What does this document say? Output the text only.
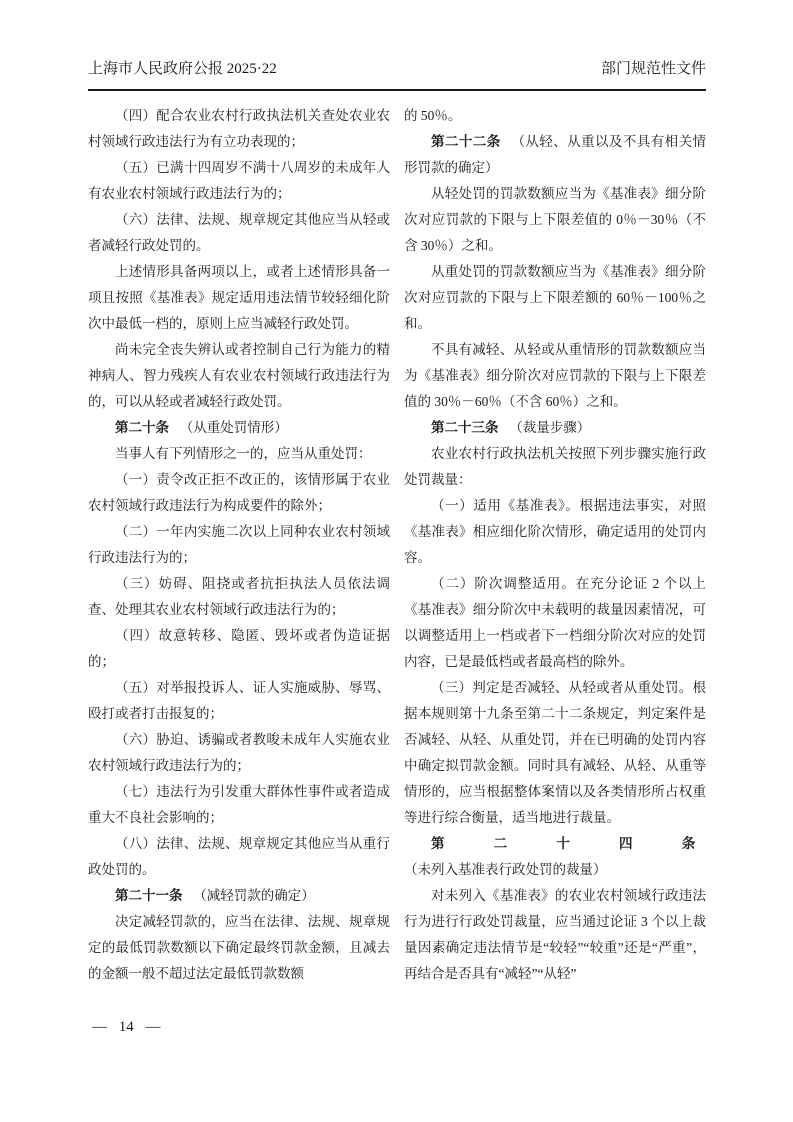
上海市人民政府公报 2025·22	部门规范性文件

（四）配合农业农村行政执法机关查处农业农村领域行政违法行为有立功表现的；

（五）已满十四周岁不满十八周岁的未成年人有农业农村领域行政违法行为的；

（六）法律、法规、规章规定其他应当从轻或者减轻行政处罚的。

上述情形具备两项以上，或者上述情形具备一项且按照《基准表》规定适用违法情节较轻细化阶次中最低一档的，原则上应当减轻行政处罚。

尚未完全丧失辨认或者控制自己行为能力的精神病人、智力残疾人有农业农村领域行政违法行为的，可以从轻或者减轻行政处罚。

第二十条 （从重处罚情形）

当事人有下列情形之一的，应当从重处罚：

（一）责令改正拒不改正的，该情形属于农业农村领域行政违法行为构成要件的除外；

（二）一年内实施二次以上同种农业农村领域行政违法行为的；

（三）妨碍、阻挠或者抗拒执法人员依法调查、处理其农业农村领域行政违法行为的；

（四）故意转移、隐匿、毁坏或者伪造证据的；

（五）对举报投诉人、证人实施威胁、辱骂、殴打或者打击报复的；

（六）胁迫、诱骗或者教唆未成年人实施农业农村领域行政违法行为的；

（七）违法行为引发重大群体性事件或者造成重大不良社会影响的；

（八）法律、法规、规章规定其他应当从重行政处罚的。

第二十一条 （减轻罚款的确定）

决定减轻罚款的，应当在法律、法规、规章规定的最低罚款数额以下确定最终罚款金额，且减去的金额一般不超过法定最低罚款数额

的 50％。

第二十二条 （从轻、从重以及不具有相关情形罚款的确定）

从轻处罚的罚款数额应当为《基准表》细分阶次对应罚款的下限与上下限差值的 0％－30％（不含 30％）之和。

从重处罚的罚款数额应当为《基准表》细分阶次对应罚款的下限与上下限差额的 60％－100％之和。

不具有减轻、从轻或从重情形的罚款数额应当为《基准表》细分阶次对应罚款的下限与上下限差值的 30％－60％（不含 60％）之和。

第二十三条 （裁量步骤）

农业农村行政执法机关按照下列步骤实施行政处罚裁量：

（一）适用《基准表》。根据违法事实，对照《基准表》相应细化阶次情形，确定适用的处罚内容。

（二）阶次调整适用。在充分论证 2 个以上《基准表》细分阶次中未载明的裁量因素情况，可以调整适用上一档或者下一档细分阶次对应的处罚内容，已是最低档或者最高档的除外。

（三）判定是否减轻、从轻或者从重处罚。根据本规则第十九条至第二十二条规定，判定案件是否减轻、从轻、从重处罚，并在已明确的处罚内容中确定拟罚款金额。同时具有减轻、从轻、从重等情形的，应当根据整体案情以及各类情形所占权重等进行综合衡量，适当地进行裁量。

第二十四条（未列入基准表行政处罚的裁量）

对未列入《基准表》的农业农村领域行政违法行为进行行政处罚裁量，应当通过论证 3 个以上裁量因素确定违法情节是“较轻”“较重”还是“严重”，再结合是否具有“减轻”“从轻”

— 14 —
